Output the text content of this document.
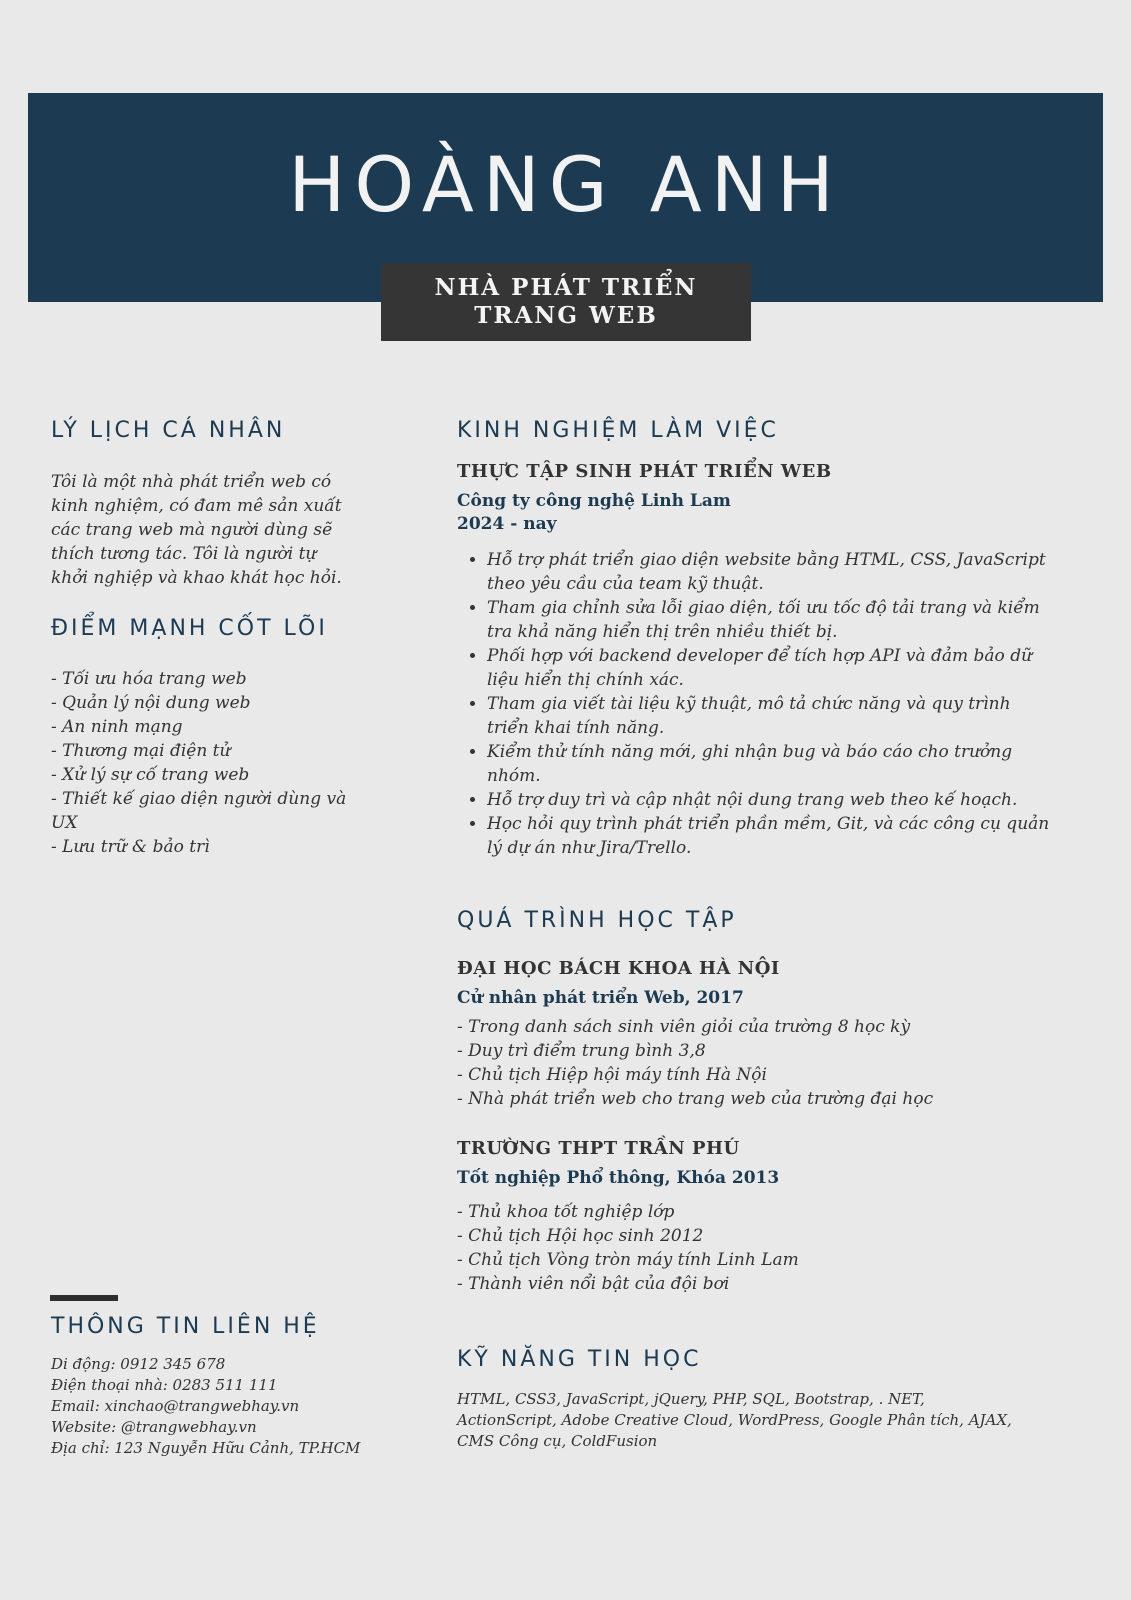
HOÀNG ANH
NHÀ PHÁT TRIỂN
TRANG WEB
LÝ LỊCH CÁ NHÂN

Tôi là một nhà phát triển web có kinh nghiệm, có đam mê sản xuất các trang web mà người dùng sẽ thích tương tác. Tôi là người tự khởi nghiệp và khao khát học hỏi.

ĐIỂM MẠNH CỐT LÕI
- Tối ưu hóa trang web
- Quản lý nội dung web
- An ninh mạng
- Thương mại điện tử
- Xử lý sự cố trang web
- Thiết kế giao diện người dùng và UX
- Lưu trữ & bảo trì
THÔNG TIN LIÊN HỆ
Di động: 0912 345 678
Điện thoại nhà: 0283 511 111
Email: xinchao@trangwebhay.vn
Website: @trangwebhay.vn
Địa chỉ: 123 Nguyễn Hữu Cảnh, TP.HCM
KINH NGHIỆM LÀM VIỆC
THỰC TẬP SINH PHÁT TRIỂN WEB
Công ty công nghệ Linh Lam
2024 - nay
• Hỗ trợ phát triển giao diện website bằng HTML, CSS, JavaScript theo yêu cầu của team kỹ thuật.
• Tham gia chỉnh sửa lỗi giao diện, tối ưu tốc độ tải trang và kiểm tra khả năng hiển thị trên nhiều thiết bị.
• Phối hợp với backend developer để tích hợp API và đảm bảo dữ liệu hiển thị chính xác.
• Tham gia viết tài liệu kỹ thuật, mô tả chức năng và quy trình triển khai tính năng.
• Kiểm thử tính năng mới, ghi nhận bug và báo cáo cho trưởng nhóm.
• Hỗ trợ duy trì và cập nhật nội dung trang web theo kế hoạch.
• Học hỏi quy trình phát triển phần mềm, Git, và các công cụ quản lý dự án như Jira/Trello.
QUÁ TRÌNH HỌC TẬP
ĐẠI HỌC BÁCH KHOA HÀ NỘI
Cử nhân phát triển Web, 2017
- Trong danh sách sinh viên giỏi của trường 8 học kỳ
- Duy trì điểm trung bình 3,8
- Chủ tịch Hiệp hội máy tính Hà Nội
- Nhà phát triển web cho trang web của trường đại học
TRƯỜNG THPT TRẦN PHÚ
Tốt nghiệp Phổ thông, Khóa 2013
- Thủ khoa tốt nghiệp lớp
- Chủ tịch Hội học sinh 2012
- Chủ tịch Vòng tròn máy tính Linh Lam
- Thành viên nổi bật của đội bơi
KỸ NĂNG TIN HỌC

HTML, CSS3, JavaScript, jQuery, PHP, SQL, Bootstrap, . NET, ActionScript, Adobe Creative Cloud, WordPress, Google Phân tích, AJAX, CMS Công cụ, ColdFusion
